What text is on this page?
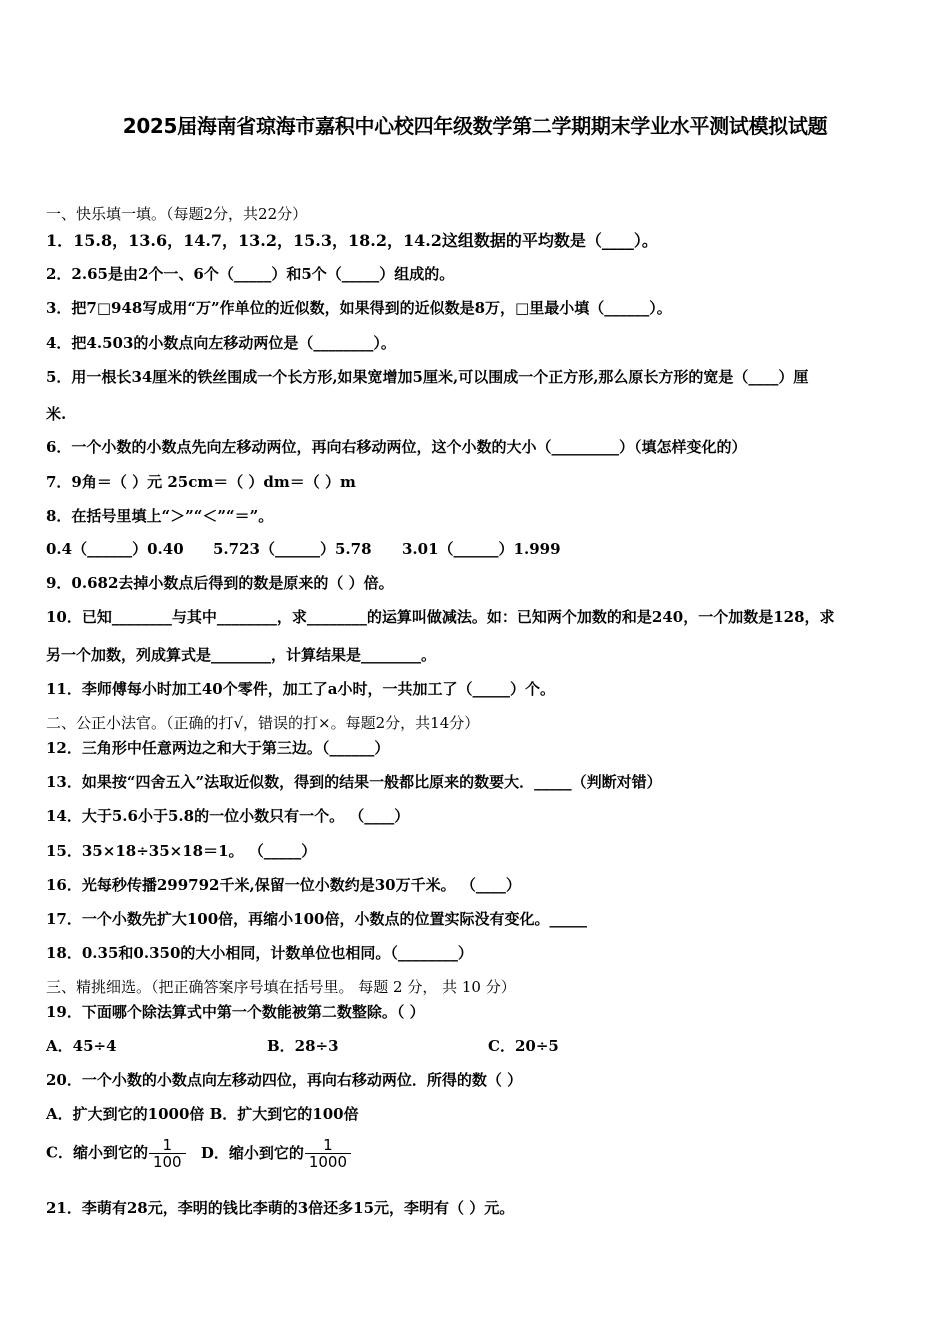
2025届海南省琼海市嘉积中心校四年级数学第二学期期末学业水平测试模拟试题
一、快乐填一填。（每题2分，共22分）
1．15.8，13.6，14.7，13.2，15.3，18.2，14.2这组数据的平均数是（____）。
2．2.65是由2个一、6个（_____）和5个（_____）组成的。
3．把7□948写成用“万”作单位的近似数，如果得到的近似数是8万，□里最小填（______）。
4．把4.503的小数点向左移动两位是（________）。
5．用一根长34厘米的铁丝围成一个长方形,如果宽增加5厘米,可以围成一个正方形,那么原长方形的宽是（____）厘
米.
6．一个小数的小数点先向左移动两位，再向右移动两位，这个小数的大小（_________）（填怎样变化的）
7．9角＝（ ）元 25cm＝（ ）dm＝（ ）m
8．在括号里填上“＞”“＜”“＝”。
0.4（______）0.40 5.723（______）5.78 3.01（______）1.999
9．0.682去掉小数点后得到的数是原来的（ ）倍。
10．已知________与其中________，求________的运算叫做减法。如：已知两个加数的和是240，一个加数是128，求
另一个加数，列成算式是________，计算结果是________。
11．李师傅每小时加工40个零件，加工了a小时，一共加工了（_____）个。
二、公正小法官。（正确的打√，错误的打×。每题2分，共14分）
12．三角形中任意两边之和大于第三边。（______）
13．如果按“四舍五入”法取近似数，得到的结果一般都比原来的数要大．_____（判断对错）
14．大于5.6小于5.8的一位小数只有一个。 （____）
15．35×18÷35×18＝1。 （_____）
16．光每秒传播299792千米,保留一位小数约是30万千米。 （____）
17．一个小数先扩大100倍，再缩小100倍，小数点的位置实际没有变化。_____
18．0.35和0.350的大小相同，计数单位也相同。（________）
三、精挑细选。（把正确答案序号填在括号里。 每题 2 分， 共 10 分）
19．下面哪个除法算式中第一个数能被第二数整除。（ ）
A．45÷4	B．28÷3	C．20÷5
20．一个小数的小数点向左移动四位，再向右移动两位．所得的数（ ）
A．扩大到它的1000倍 B．扩大到它的100倍
C．缩小到它的 $\frac{1}{100}$ D．缩小到它的 $\frac{1}{1000}$
21．李萌有28元，李明的钱比李萌的3倍还多15元，李明有（ ）元。
